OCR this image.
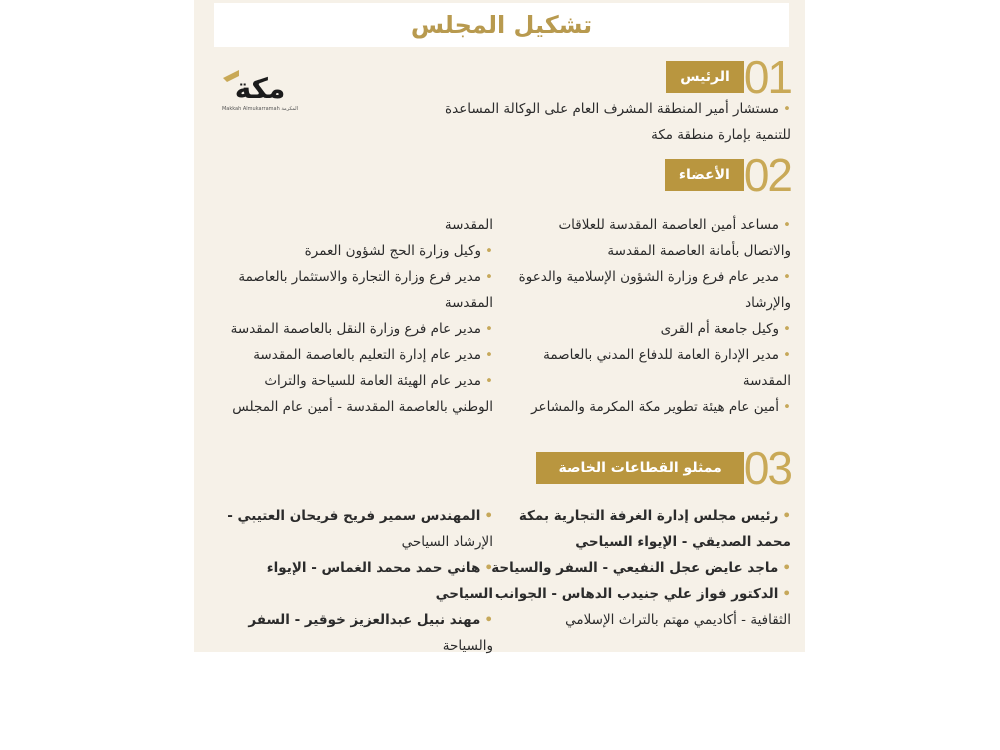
تشكيل المجلس
مكة
Makkah Almukarramah المكرمة
01
الرئيس

•مستشار أمير المنطقة المشرف العام على الوكالة المساعدة

للتنمية بإمارة منطقة مكة

02
الأعضاء

•مساعد أمين العاصمة المقدسة للعلاقات

والاتصال بأمانة العاصمة المقدسة

•مدير عام فرع وزارة الشؤون الإسلامية والدعوة

والإرشاد

•وكيل جامعة أم القرى

•مدير الإدارة العامة للدفاع المدني بالعاصمة

المقدسة

•أمين عام هيئة تطوير مكة المكرمة والمشاعر

المقدسة

•وكيل وزارة الحج لشؤون العمرة

•مدير فرع وزارة التجارة والاستثمار بالعاصمة

المقدسة

•مدير عام فرع وزارة النقل بالعاصمة المقدسة

•مدير عام إدارة التعليم بالعاصمة المقدسة

•مدير عام الهيئة العامة للسياحة والتراث

الوطني بالعاصمة المقدسة - أمين عام المجلس

03
ممثلو القطاعات الخاصة

•رئيس مجلس إدارة الغرفة التجارية بمكة

محمد الصديقي - الإيواء السياحي

•ماجد عايض عجل النفيعي - السفر والسياحة

•الدكتور فواز علي جنيدب الدهاس - الجوانب

الثقافية - أكاديمي مهتم بالتراث الإسلامي

•المهندس سمير فريح فريحان العتيبي -

الإرشاد السياحي

•هاني حمد محمد الغماس - الإيواء السياحي

•مهند نبيل عبدالعزيز خوقير - السفر

والسياحة
